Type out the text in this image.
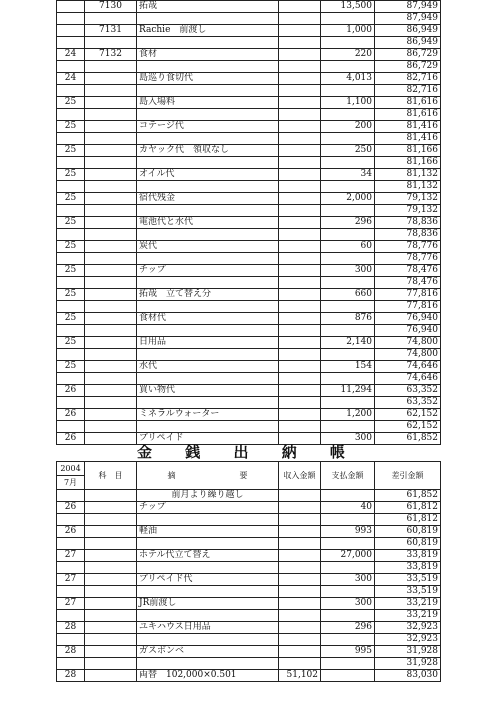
	7130	拓哉		13,500	87,949
					87,949
	7131	Rachie　前渡し		1,000	86,949
					86,949
24	7132	食材		220	86,729
					86,729
24		島巡り食切代		4,013	82,716
					82,716
25		島入場料		1,100	81,616
					81,616
25		コテージ代		200	81,416
					81,416
25		カヤック代　領収なし		250	81,166
					81,166
25		オイル代		34	81,132
					81,132
25		宿代残金		2,000	79,132
					79,132
25		電池代と水代		296	78,836
					78,836
25		炭代		60	78,776
					78,776
25		チップ		300	78,476
					78,476
25		拓哉　立て替え分		660	77,816
					77,816
25		食材代		876	76,940
					76,940
25		日用品		2,140	74,800
					74,800
25		水代		154	74,646
					74,646
26		買い物代		11,294	63,352
					63,352
26		ミネラルウォーター		1,200	62,152
					62,152
26		プリペイド		300	61,852
金 銭 出 納 帳
2004	科　目	摘　　　　　　　　要	収入金額	支払金額	差引金額
7月					
		前月より繰り越し			61,852
26		チップ		40	61,812
					61,812
26		軽油		993	60,819
					60,819
27		ホテル代立て替え		27,000	33,819
					33,819
27		プリペイド代		300	33,519
					33,519
27		JR前渡し		300	33,219
					33,219
28		ユキハウス日用品		296	32,923
					32,923
28		ガスボンベ		995	31,928
					31,928
28		両替　102,000×0.501	51,102		83,030
